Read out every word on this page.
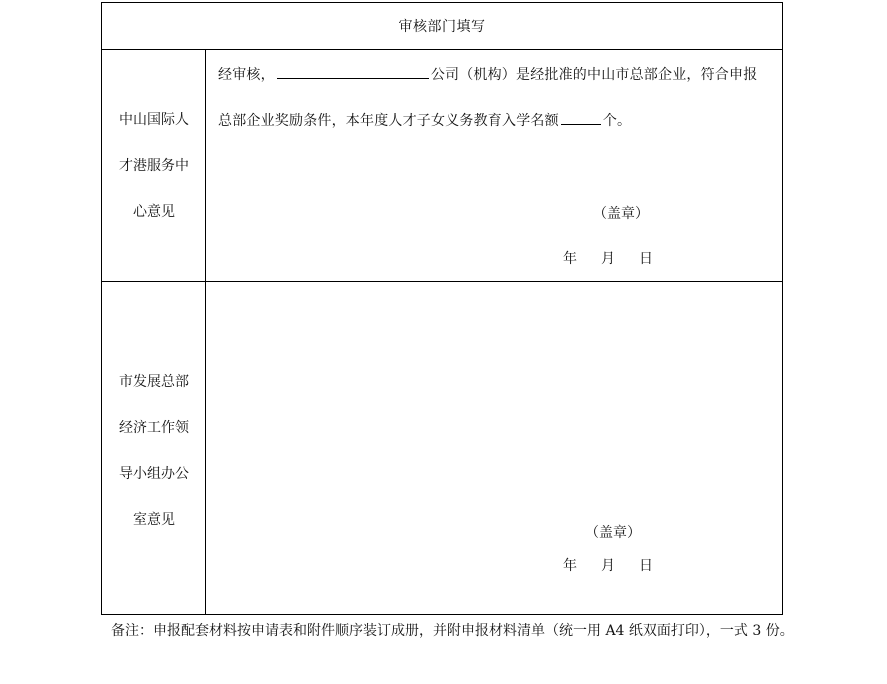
审核部门填写
中山国际人
才港服务中
心意见
经审核，	公司（机构）是经批准的中山市总部企业，符合申报
总部企业奖励条件，本年度人才子女义务教育入学名额	个。
（盖章）
年 月 日
市发展总部
经济工作领
导小组办公
室意见
（盖章）
年 月 日
备注：申报配套材料按申请表和附件顺序装订成册，并附申报材料清单（统一用 A4 纸双面打印），一式 3 份。
